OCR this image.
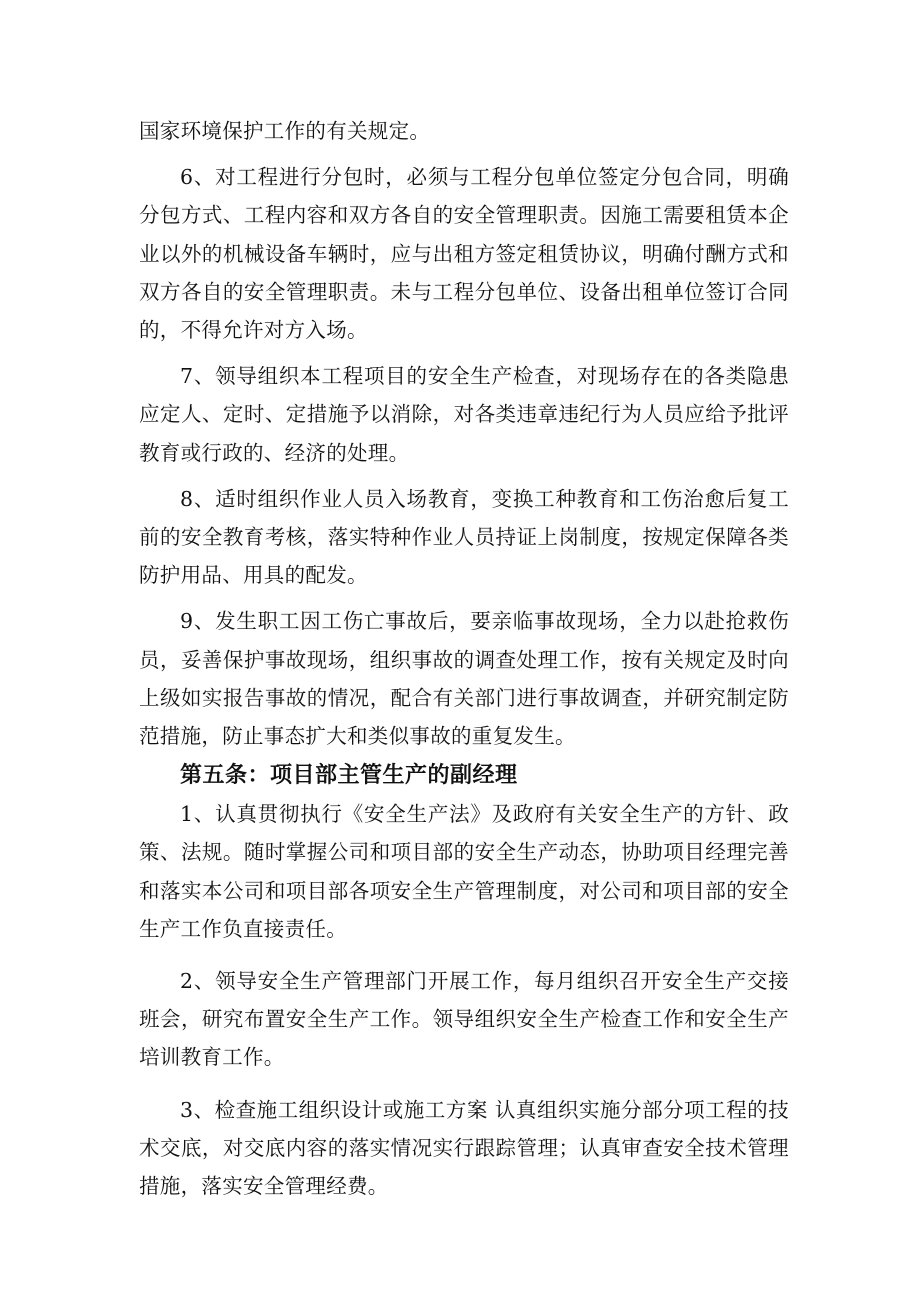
国家环境保护工作的有关规定。

6、对工程进行分包时，必须与工程分包单位签定分包合同，明确分包方式、工程内容和双方各自的安全管理职责。因施工需要租赁本企业以外的机械设备车辆时，应与出租方签定租赁协议，明确付酬方式和双方各自的安全管理职责。未与工程分包单位、设备出租单位签订合同的，不得允许对方入场。

7、领导组织本工程项目的安全生产检查，对现场存在的各类隐患应定人、定时、定措施予以消除，对各类违章违纪行为人员应给予批评教育或行政的、经济的处理。

8、适时组织作业人员入场教育，变换工种教育和工伤治愈后复工前的安全教育考核，落实特种作业人员持证上岗制度，按规定保障各类防护用品、用具的配发。

9、发生职工因工伤亡事故后，要亲临事故现场，全力以赴抢救伤员，妥善保护事故现场，组织事故的调查处理工作，按有关规定及时向上级如实报告事故的情况，配合有关部门进行事故调查，并研究制定防范措施，防止事态扩大和类似事故的重复发生。

第五条：项目部主管生产的副经理

1、认真贯彻执行《安全生产法》及政府有关安全生产的方针、政策、法规。随时掌握公司和项目部的安全生产动态，协助项目经理完善和落实本公司和项目部各项安全生产管理制度，对公司和项目部的安全生产工作负直接责任。

2、领导安全生产管理部门开展工作，每月组织召开安全生产交接班会，研究布置安全生产工作。领导组织安全生产检查工作和安全生产培训教育工作。

3、检查施工组织设计或施工方案 认真组织实施分部分项工程的技术交底，对交底内容的落实情况实行跟踪管理；认真审查安全技术管理措施，落实安全管理经费。
